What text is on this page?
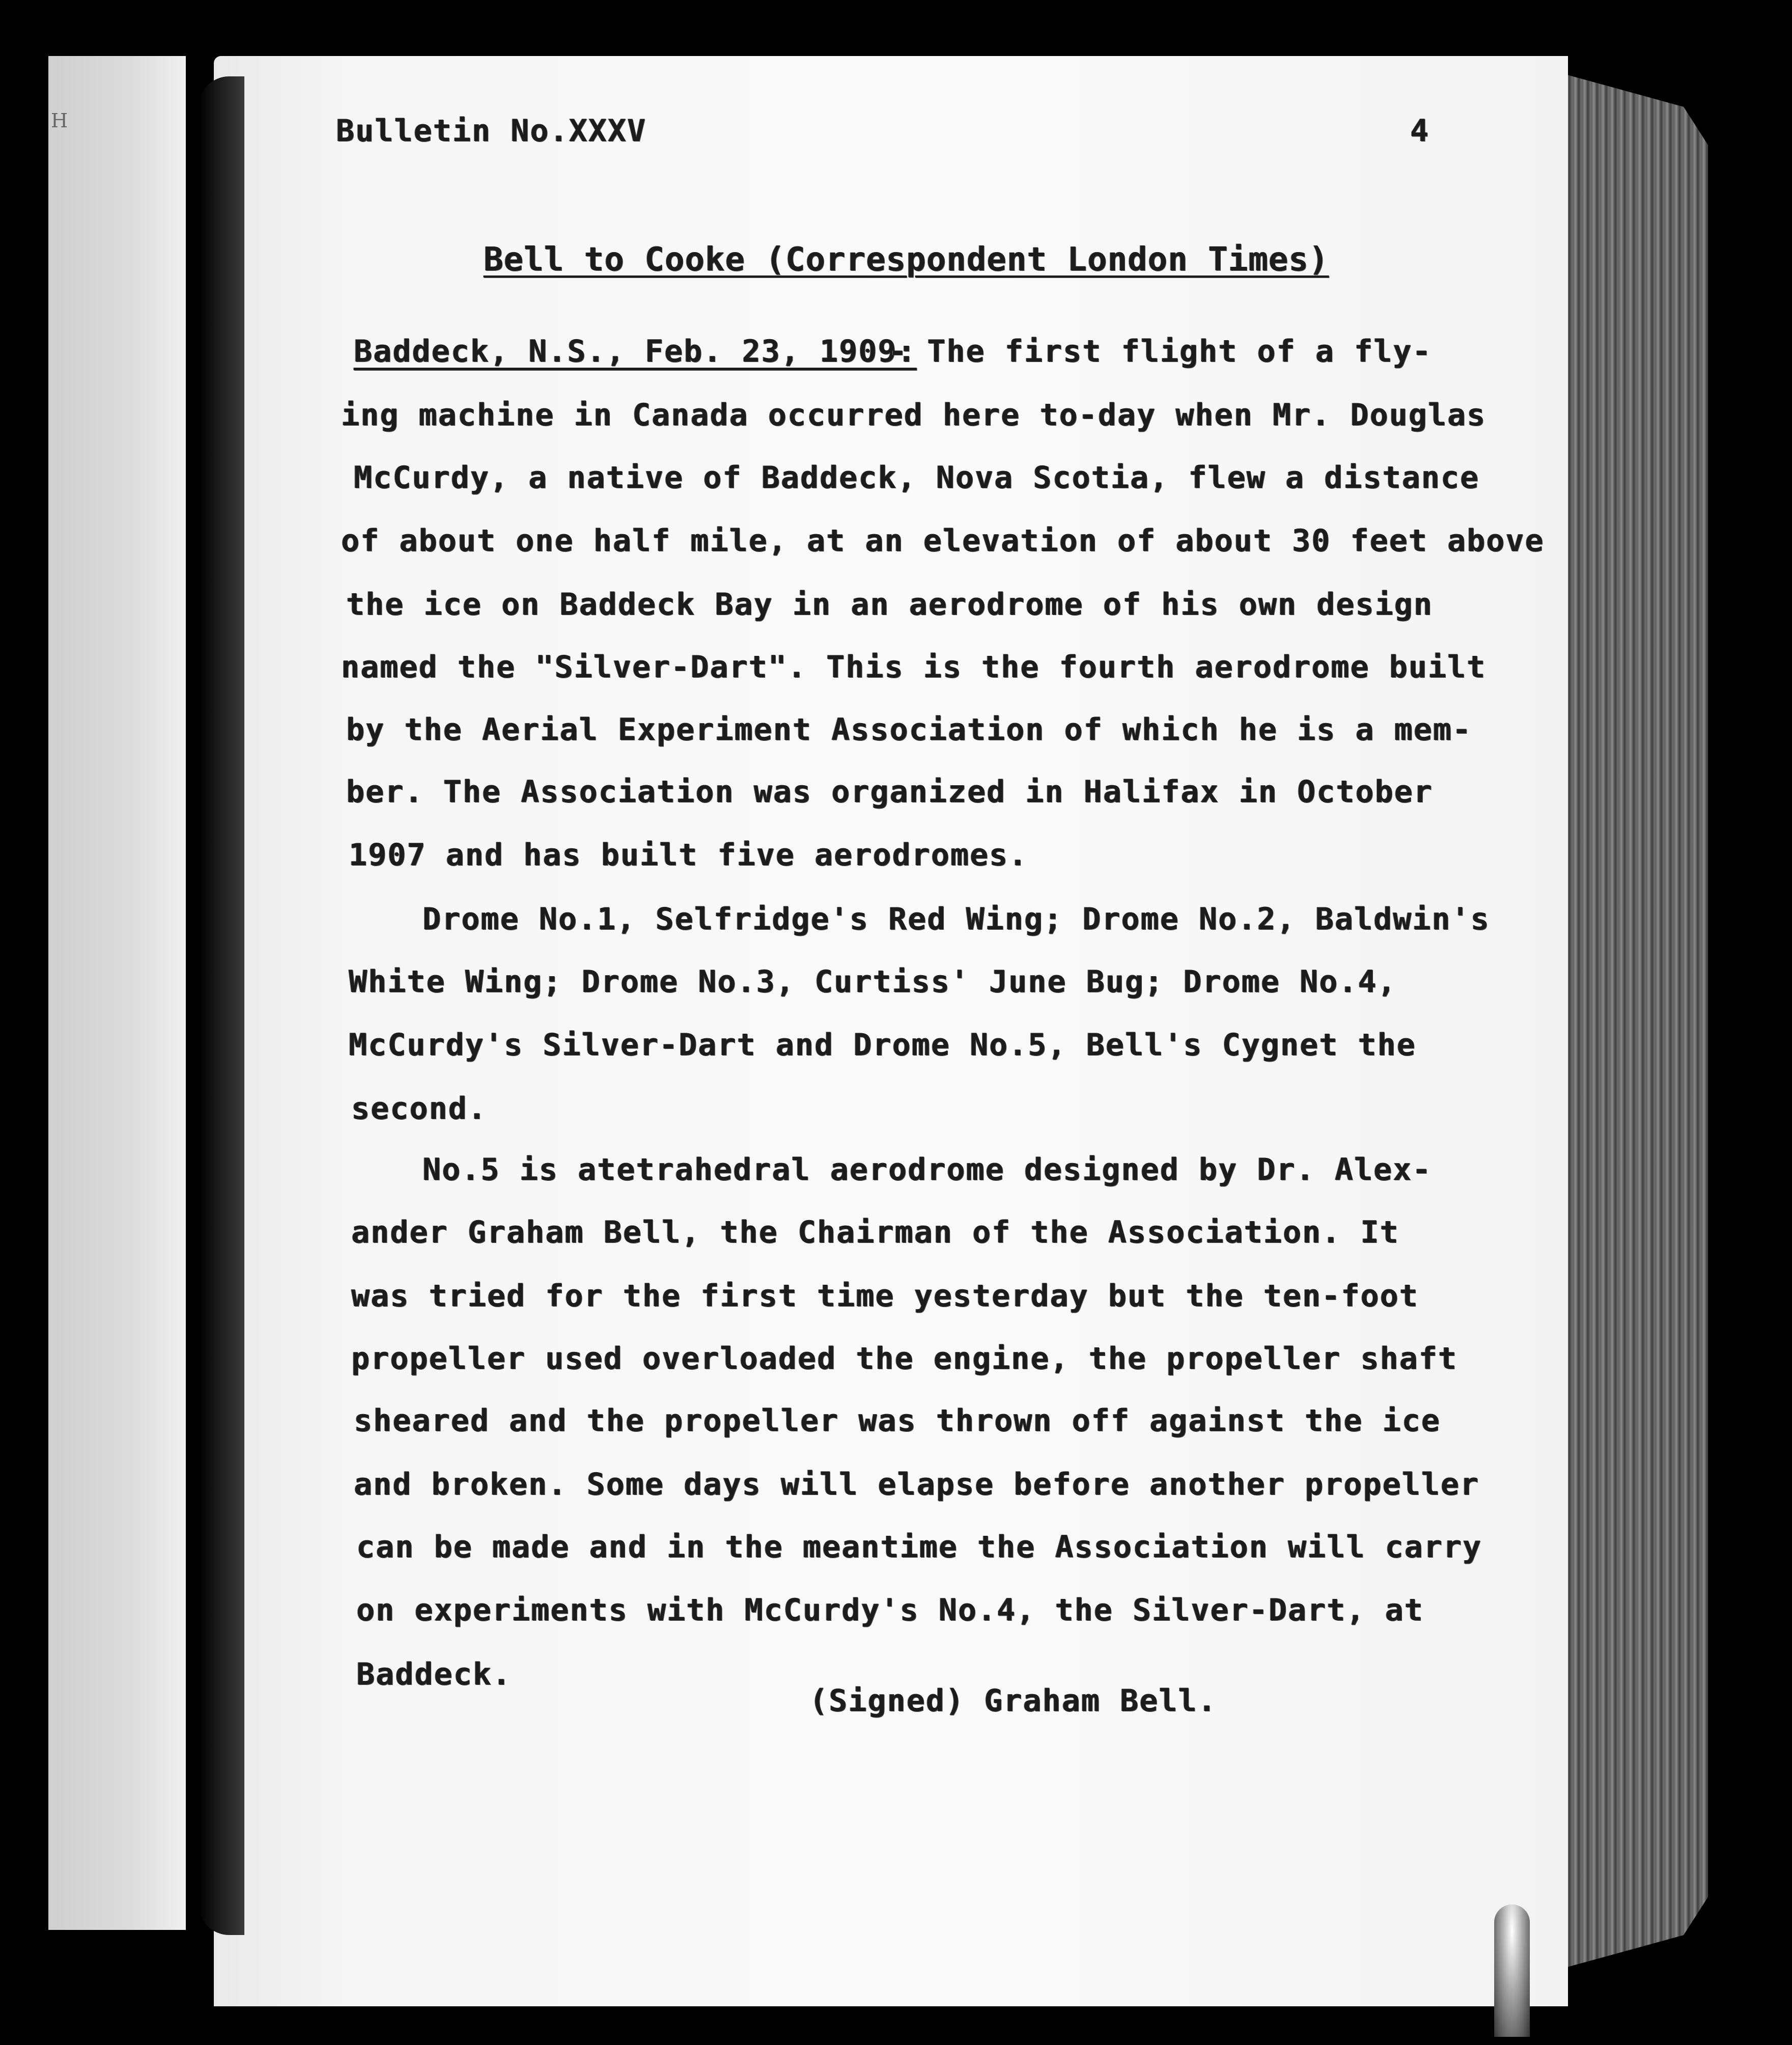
H	Bulletin No.XXXV	4
Bell to Cooke (Correspondent London Times)
Baddeck, N.S., Feb. 23, 1909:
- The first flight of a fly-
ing machine in Canada occurred here to-day when Mr. Douglas
McCurdy, a native of Baddeck, Nova Scotia, flew a distance
of about one half mile, at an elevation of about 30 feet above
the ice on Baddeck Bay in an aerodrome of his own design
named the "Silver-Dart". This is the fourth aerodrome built
by the Aerial Experiment Association of which he is a mem-
ber. The Association was organized in Halifax in October
1907 and has built five aerodromes.
Drome No.1, Selfridge's Red Wing; Drome No.2, Baldwin's
White Wing; Drome No.3, Curtiss' June Bug; Drome No.4,
McCurdy's Silver-Dart and Drome No.5, Bell's Cygnet the
second.
No.5 is atetrahedral aerodrome designed by Dr. Alex-
ander Graham Bell, the Chairman of the Association. It
was tried for the first time yesterday but the ten-foot
propeller used overloaded the engine, the propeller shaft
sheared and the propeller was thrown off against the ice
and broken. Some days will elapse before another propeller
can be made and in the meantime the Association will carry
on experiments with McCurdy's No.4, the Silver-Dart, at
Baddeck.
(Signed) Graham Bell.
